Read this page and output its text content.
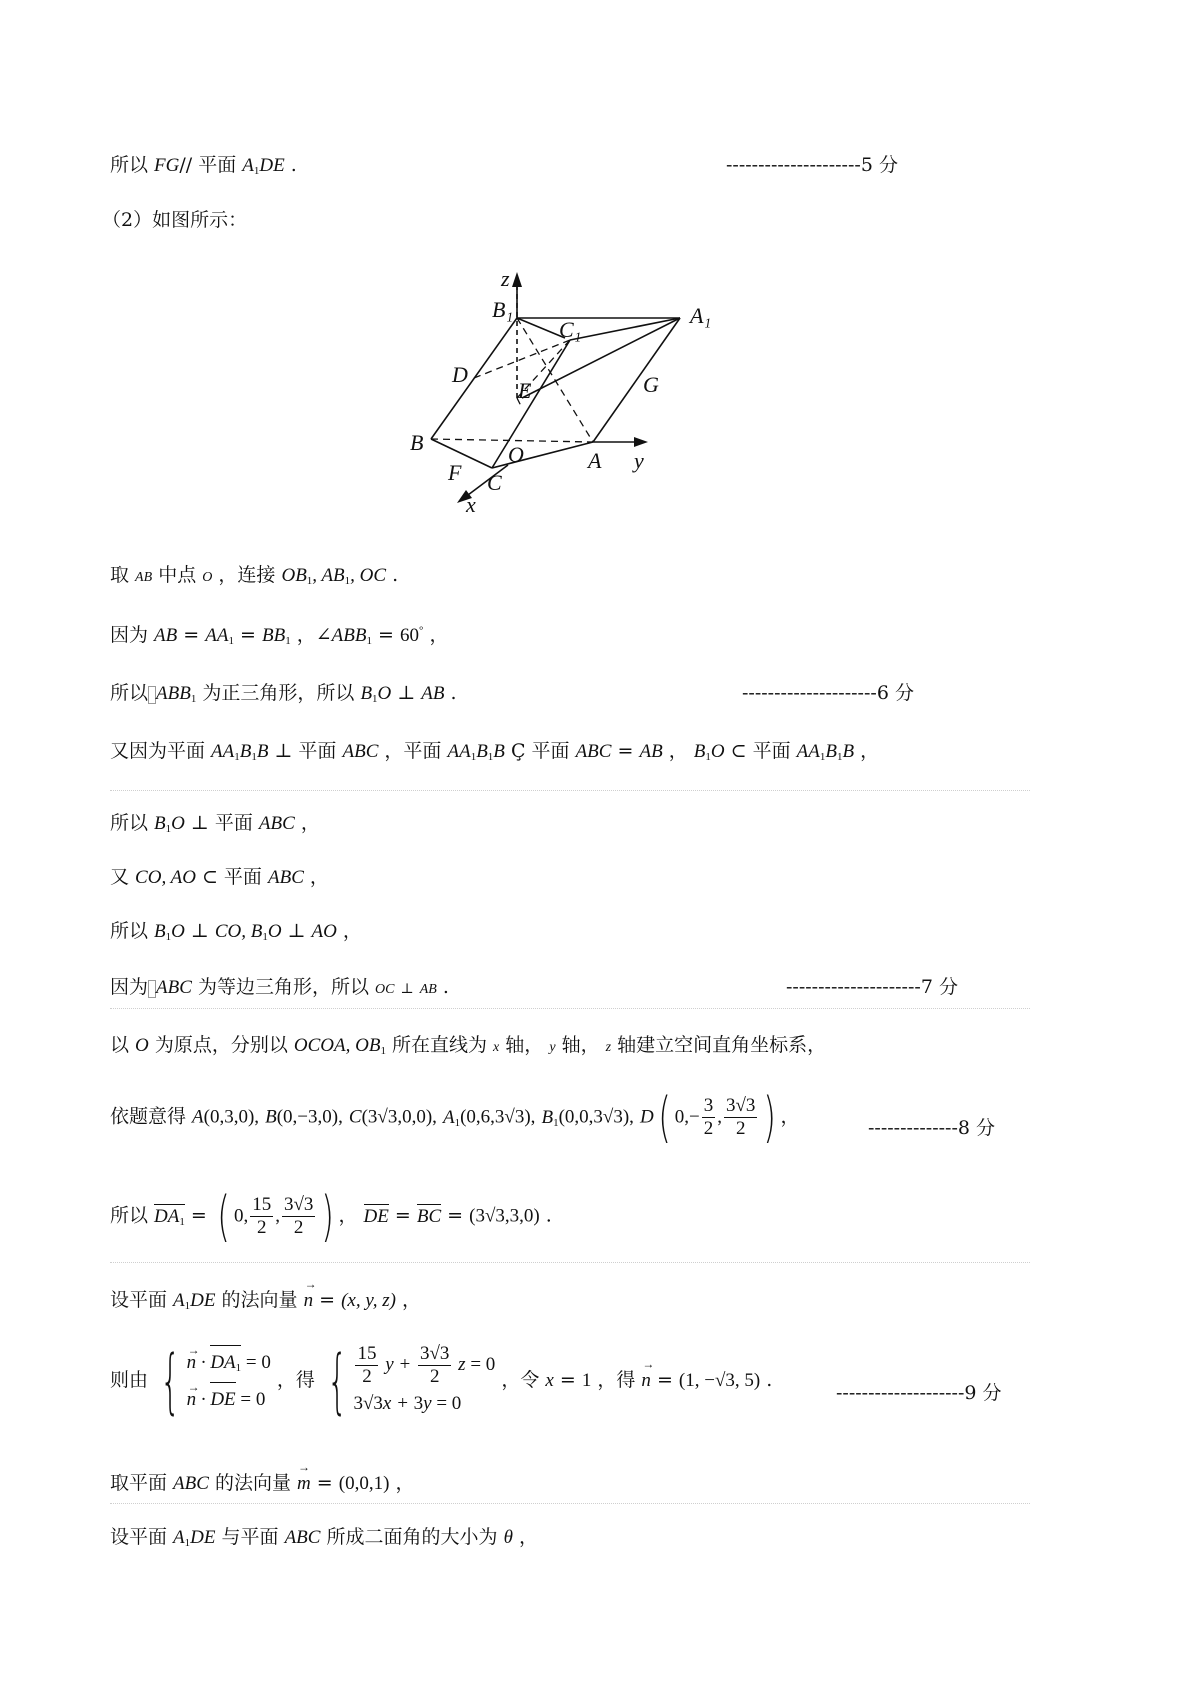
所以 FG// 平面 $A_1DE$ .	---------------------5 分
（2）如图所示：
z
B₁
C₁
A₁
D
E	G
B	O	A y
F C
x
取 AB 中点 O ，连接 $OB_1$, $AB_1$, OC .
因为 AB = $AA_1 = BB_1$ ，$\angle ABB_1 = 60^\circ$ ，
所以 $ABB_1$ 为正三角形，所以 $B_1O$ ⊥ AB .	---------------------6 分
又因为平面 $AA_1B_1B$ ⊥ 平面 ABC ，平面 $AA_1B_1B$ Ç 平面 ABC = AB ， $B_1O$ ⊂ 平面 $AA_1B_1B$ ，
所以 $B_1O$ ⊥ 平面 ABC ，
又 CO, AO ⊂ 平面 ABC ，
所以 $B_1O$ ⊥ CO, $B_1O$ ⊥ AO ，
因为 ABC 为等边三角形，所以 OC ⊥ AB .	---------------------7 分
以 O 为原点，分别以 OCOA, $OB_1$ 所在直线为 x 轴， y 轴， z 轴建立空间直角坐标系，
依题意得 A(0,3,0), B(0,−3,0), C(3√3,0,0), $A_1(0,6,3√3)$, $B_1(0,0,3√3)$, D( $0,- \frac{3}{2}$ , $\frac{3√3}{2}$ ) ，
--------------8 分
所以 $DA_1$ = ( 0, $\frac{15}{2}$ , $\frac{3√3}{2}$ ) ， DE = BC = (3√3,3,0) .
设平面 $A_1DE$ 的法向量 → n = (x, y, z) ，
则由 {
→ $n \cdot DA_1 = 0$
→ n · DE = 0
，得 { $\frac{15}{2}$ $y + \frac{3√3}{2}$ z = 0
3√3x + 3y = 0
，令 x = 1 ，得 → n = (1, −√3, 5) .
--------------------9 分
取平面 ABC 的法向量 → m = (0,0,1) ，
设平面 $A_1DE$ 与平面 ABC 所成二面角的大小为 θ ，
